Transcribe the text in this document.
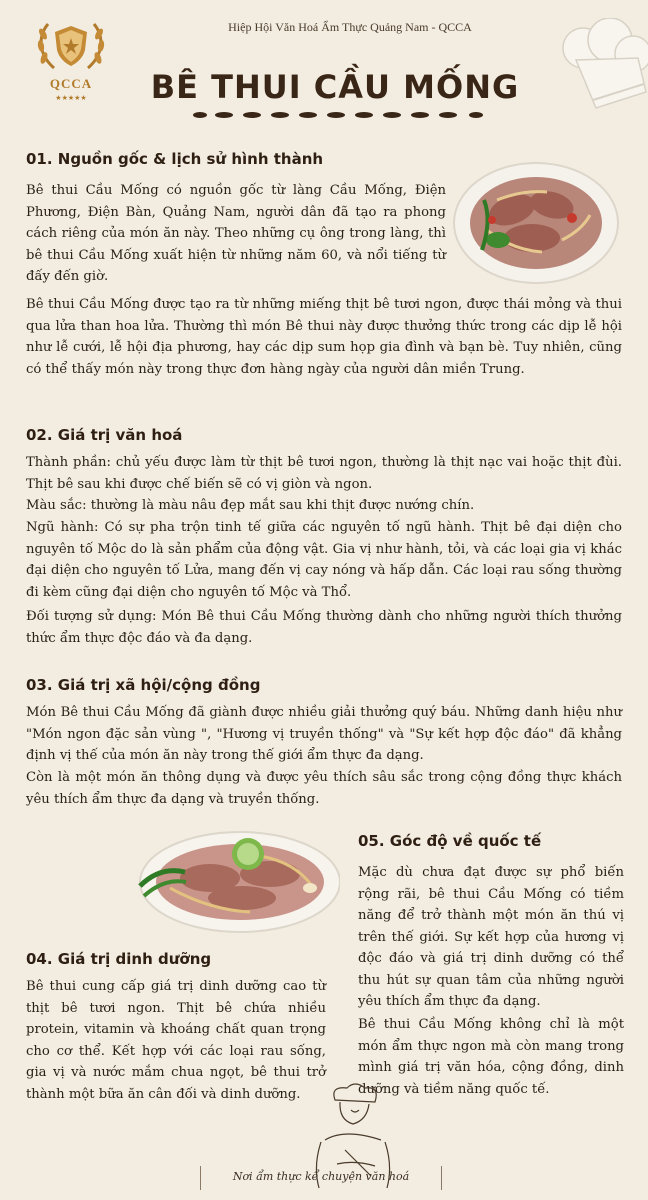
Hiệp Hội Văn Hoá Ẩm Thực Quảng Nam - QCCA
QCCA
★★★★★	BÊ THUI CẦU MỐNG
01. Nguồn gốc & lịch sử hình thành

Bê thui Cầu Mống có nguồn gốc từ làng Cầu Mống, Điện Phương, Điện Bàn, Quảng Nam, người dân đã tạo ra phong cách riêng của món ăn này. Theo những cụ ông trong làng, thì bê thui Cầu Mống xuất hiện từ những năm 60, và nổi tiếng từ đấy đến giờ.

Bê thui Cầu Mống được tạo ra từ những miếng thịt bê tươi ngon, được thái mỏng và thui qua lửa than hoa lửa. Thường thì món Bê thui này được thưởng thức trong các dịp lễ hội như lễ cưới, lễ hội địa phương, hay các dịp sum họp gia đình và bạn bè. Tuy nhiên, cũng có thể thấy món này trong thực đơn hàng ngày của người dân miền Trung.

02. Giá trị văn hoá

Thành phần: chủ yếu được làm từ thịt bê tươi ngon, thường là thịt nạc vai hoặc thịt đùi. Thịt bê sau khi được chế biến sẽ có vị giòn và ngon.

Màu sắc: thường là màu nâu đẹp mắt sau khi thịt được nướng chín.

Ngũ hành: Có sự pha trộn tinh tế giữa các nguyên tố ngũ hành. Thịt bê đại diện cho nguyên tố Mộc do là sản phẩm của động vật. Gia vị như hành, tỏi, và các loại gia vị khác đại diện cho nguyên tố Lửa, mang đến vị cay nóng và hấp dẫn. Các loại rau sống thường đi kèm cũng đại diện cho nguyên tố Mộc và Thổ.

Đối tượng sử dụng: Món Bê thui Cầu Mống thường dành cho những người thích thưởng thức ẩm thực độc đáo và đa dạng.

03. Giá trị xã hội/cộng đồng

Món Bê thui Cầu Mống đã giành được nhiều giải thưởng quý báu. Những danh hiệu như "Món ngon đặc sản vùng ", "Hương vị truyền thống" và "Sự kết hợp độc đáo" đã khẳng định vị thế của món ăn này trong thế giới ẩm thực đa dạng.

Còn là một món ăn thông dụng và được yêu thích sâu sắc trong cộng đồng thực khách yêu thích ẩm thực đa dạng và truyền thống.

05. Góc độ về quốc tế

Mặc dù chưa đạt được sự phổ biến rộng rãi, bê thui Cầu Mống có tiềm năng để trở thành một món ăn thú vị trên thế giới. Sự kết hợp của hương vị độc đáo và giá trị dinh dưỡng có thể thu hút sự quan tâm của những người yêu thích ẩm thực đa dạng.

Bê thui Cầu Mống không chỉ là một món ẩm thực ngon mà còn mang trong mình giá trị văn hóa, cộng đồng, dinh dưỡng và tiềm năng quốc tế.

04. Giá trị dinh dưỡng

Bê thui cung cấp giá trị dinh dưỡng cao từ thịt bê tươi ngon. Thịt bê chứa nhiều protein, vitamin và khoáng chất quan trọng cho cơ thể. Kết hợp với các loại rau sống, gia vị và nước mắm chua ngọt, bê thui trở thành một bữa ăn cân đối và dinh dưỡng.

Nơi ẩm thực kể chuyện văn hoá
